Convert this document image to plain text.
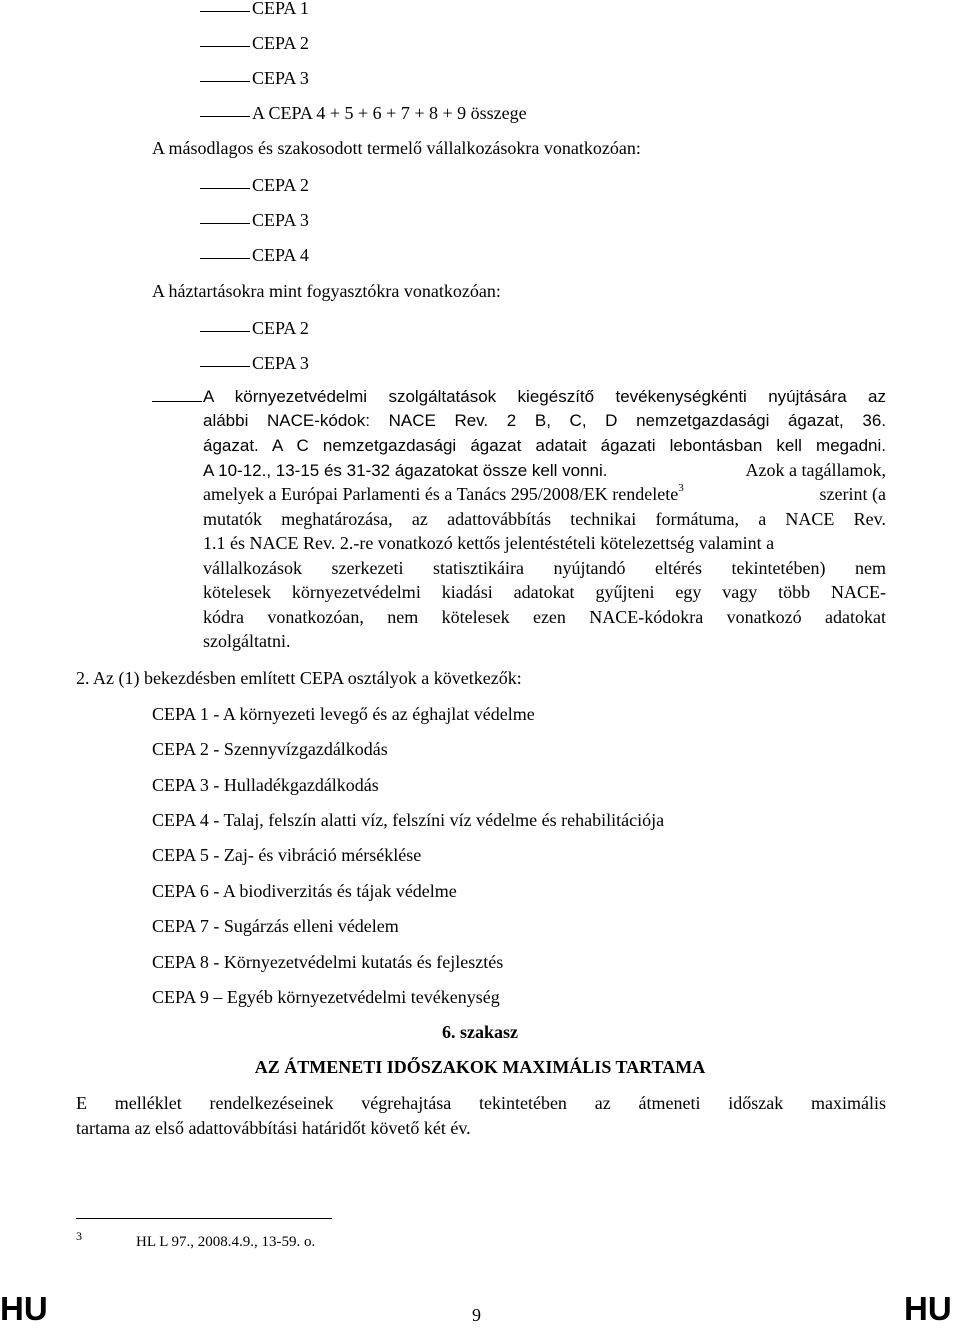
CEPA 1
CEPA 2
CEPA 3
A CEPA 4 + 5 + 6 + 7 + 8 + 9 összege
A másodlagos és szakosodott termelő vállalkozásokra vonatkozóan:
CEPA 2
CEPA 3
CEPA 4
A háztartásokra mint fogyasztókra vonatkozóan:
CEPA 2
CEPA 3
A környezetvédelmi szolgáltatások kiegészítő tevékenységkénti nyújtására az
alábbi NACE-kódok: NACE Rev. 2 B, C, D nemzetgazdasági ágazat, 36.
ágazat. A C nemzetgazdasági ágazat adatait ágazati lebontásban kell megadni.
A 10-12., 13-15 és 31-32 ágazatokat össze kell vonni.	Azok a tagállamok,
amelyek a Európai Parlamenti és a Tanács 295/2008/EK rendelete$^3$	szerint (a
mutatók meghatározása, az adattovábbítás technikai formátuma, a NACE Rev.
1.1 és NACE Rev. 2.-re vonatkozó kettős jelentéstételi kötelezettség valamint a
vállalkozások szerkezeti statisztikáira nyújtandó eltérés tekintetében) nem
kötelesek környezetvédelmi kiadási adatokat gyűjteni egy vagy több NACE-
kódra vonatkozóan, nem kötelesek ezen NACE-kódokra vonatkozó adatokat
szolgáltatni.
2. Az (1) bekezdésben említett CEPA osztályok a következők:
CEPA 1 - A környezeti levegő és az éghajlat védelme
CEPA 2 - Szennyvízgazdálkodás
CEPA 3 - Hulladékgazdálkodás
CEPA 4 - Talaj, felszín alatti víz, felszíni víz védelme és rehabilitációja
CEPA 5 - Zaj- és vibráció mérséklése
CEPA 6 - A biodiverzitás és tájak védelme
CEPA 7 - Sugárzás elleni védelem
CEPA 8 - Környezetvédelmi kutatás és fejlesztés
CEPA 9 – Egyéb környezetvédelmi tevékenység
6. szakasz
AZ ÁTMENETI IDŐSZAKOK MAXIMÁLIS TARTAMA
E melléklet rendelkezéseinek végrehajtása tekintetében az átmeneti időszak maximális
tartama az első adattovábbítási határidőt követő két év.
3	HL L 97., 2008.4.9., 13-59. o.
HU	9	HU
